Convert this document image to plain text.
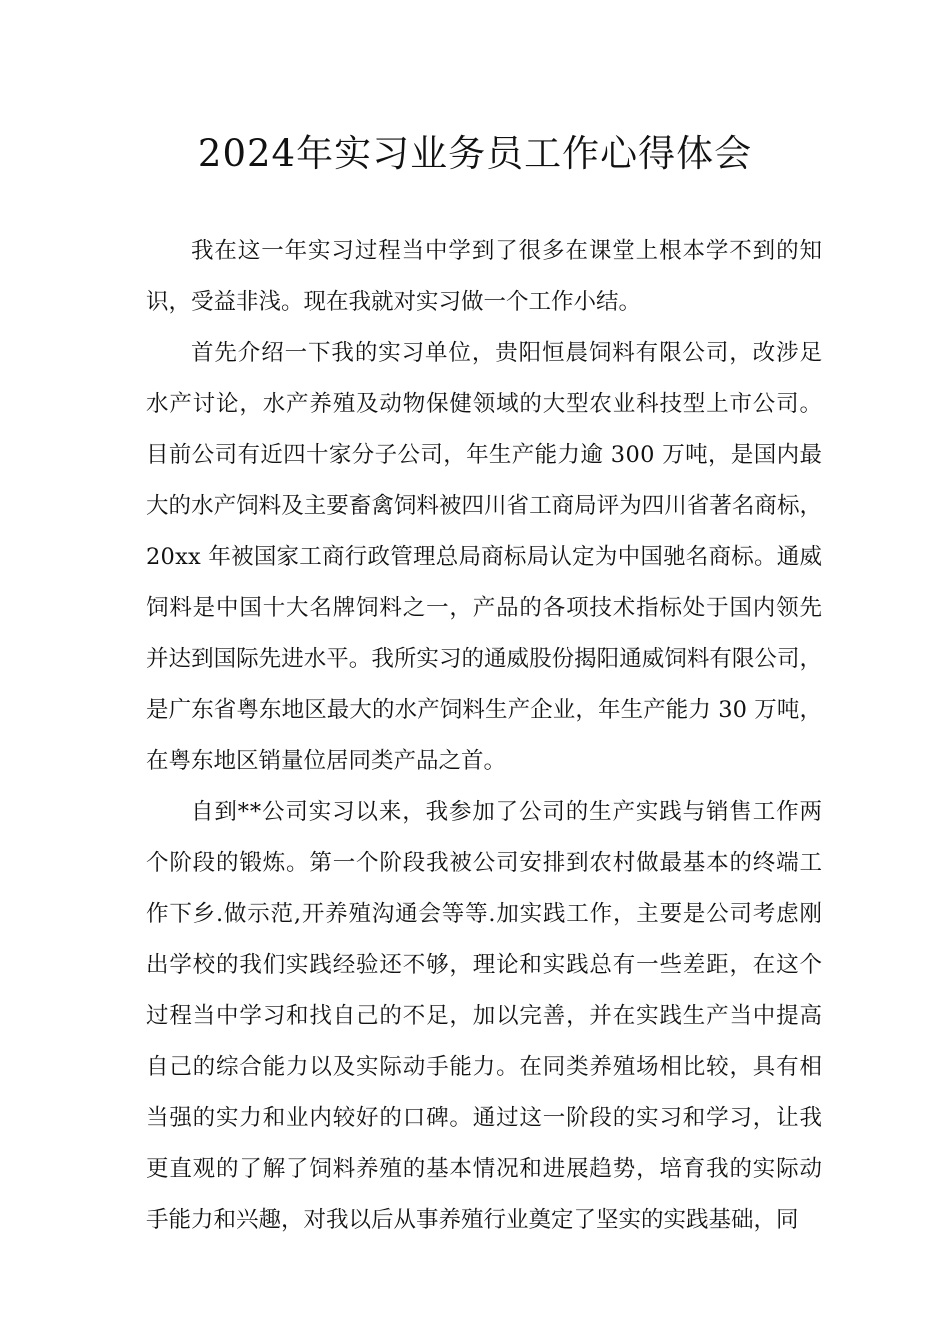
2024年实习业务员工作心得体会

我在这一年实习过程当中学到了很多在课堂上根本学不到的知

识，受益非浅。现在我就对实习做一个工作小结。

首先介绍一下我的实习单位，贵阳恒晨饲料有限公司，改涉足

水产讨论，水产养殖及动物保健领域的大型农业科技型上市公司。

目前公司有近四十家分子公司，年生产能力逾 300 万吨，是国内最

大的水产饲料及主要畜禽饲料被四川省工商局评为四川省著名商标，

20xx 年被国家工商行政管理总局商标局认定为中国驰名商标。通威

饲料是中国十大名牌饲料之一，产品的各项技术指标处于国内领先

并达到国际先进水平。我所实习的通威股份揭阳通威饲料有限公司，

是广东省粤东地区最大的水产饲料生产企业，年生产能力 30 万吨，

在粤东地区销量位居同类产品之首。

自到**公司实习以来，我参加了公司的生产实践与销售工作两

个阶段的锻炼。第一个阶段我被公司安排到农村做最基本的终端工

作下乡.做示范,开养殖沟通会等等.加实践工作，主要是公司考虑刚

出学校的我们实践经验还不够，理论和实践总有一些差距，在这个

过程当中学习和找自己的不足，加以完善，并在实践生产当中提高

自己的综合能力以及实际动手能力。在同类养殖场相比较，具有相

当强的实力和业内较好的口碑。通过这一阶段的实习和学习，让我

更直观的了解了饲料养殖的基本情况和进展趋势，培育我的实际动

手能力和兴趣，对我以后从事养殖行业奠定了坚实的实践基础，同
